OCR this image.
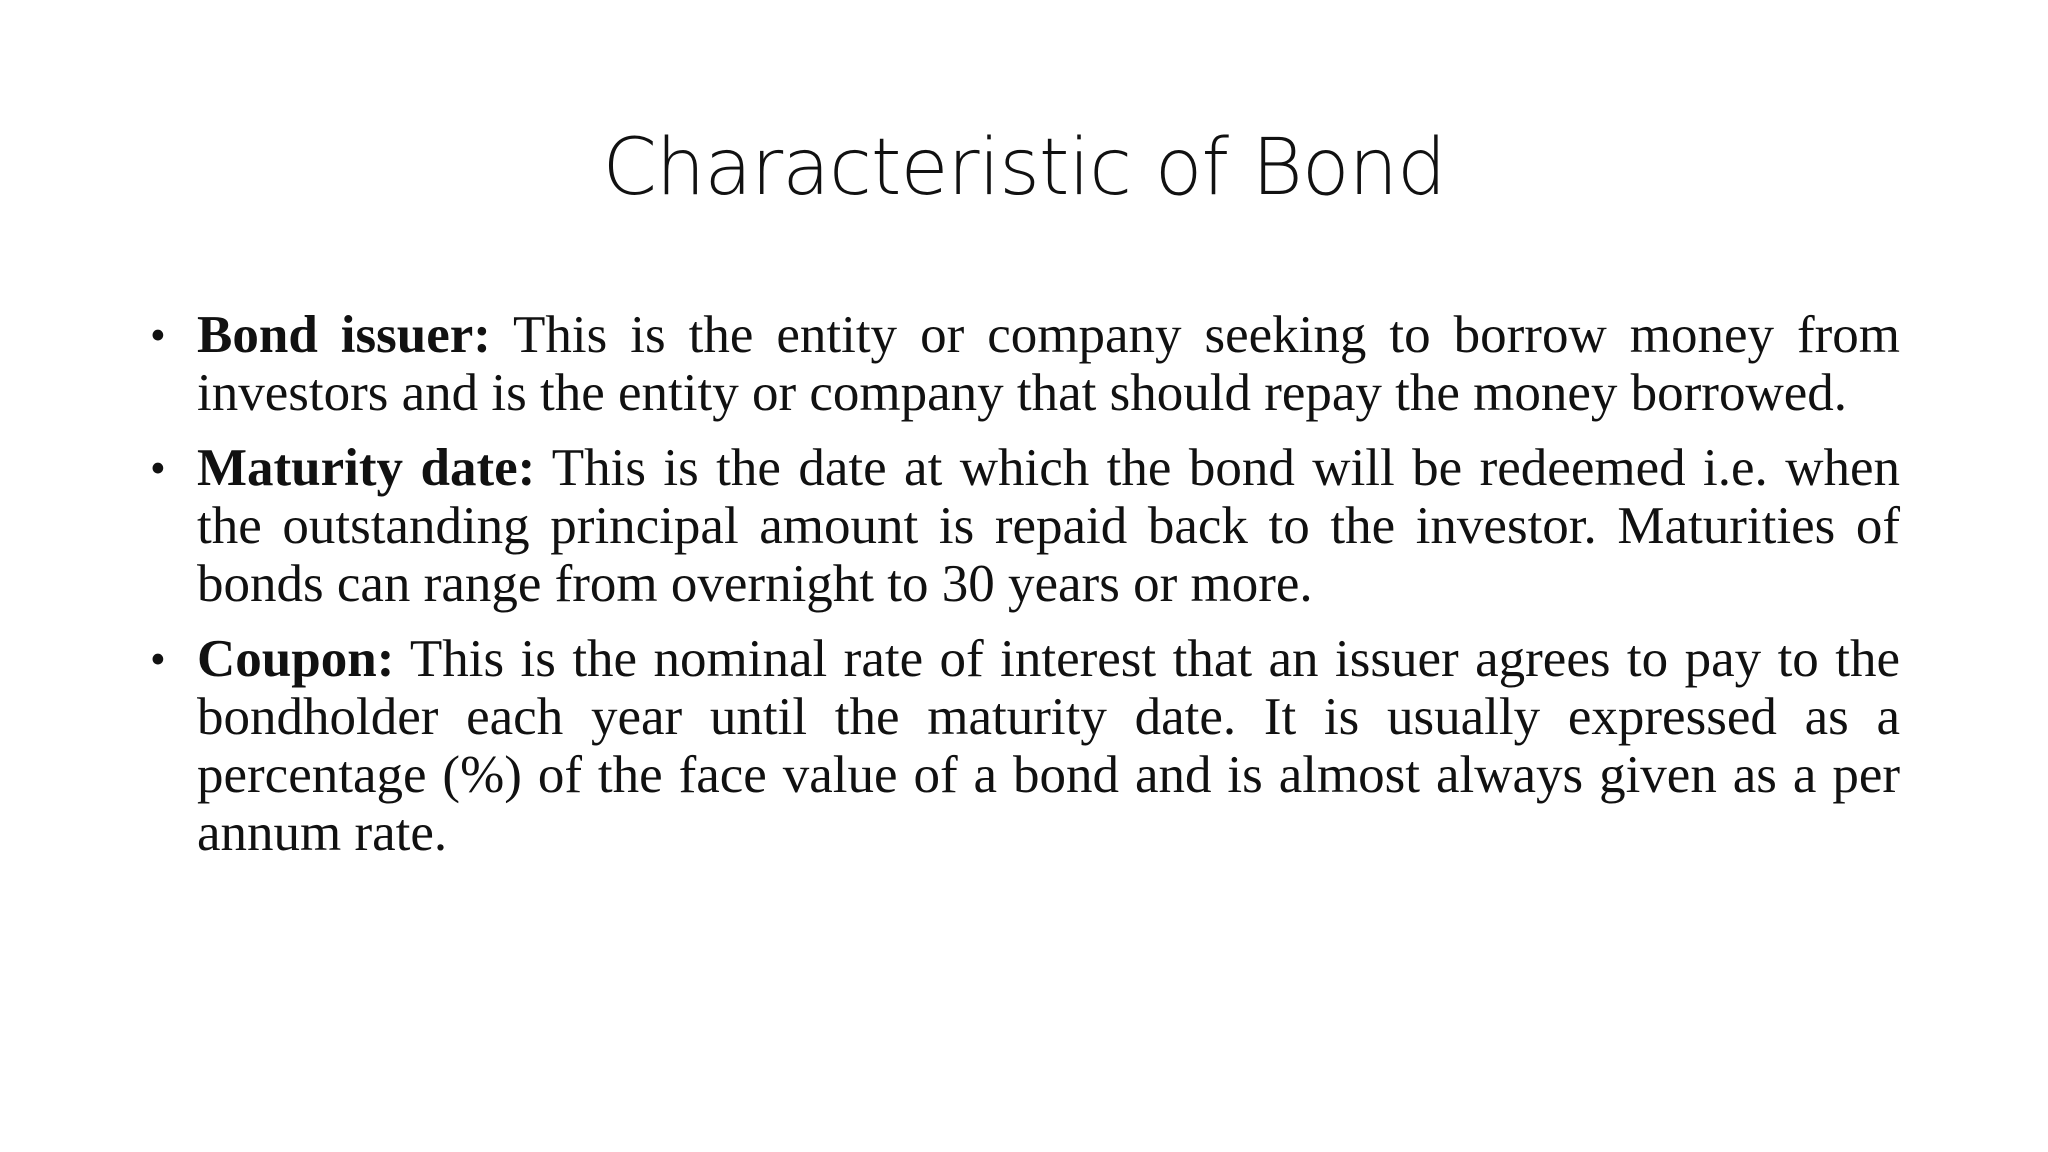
Characteristic of Bond
• Bond issuer: This is the entity or company seeking to borrow money from investors and is the entity or company that should repay the money borrowed.
• Maturity date: This is the date at which the bond will be redeemed i.e. when the outstanding principal amount is repaid back to the investor. Maturities of bonds can range from overnight to 30 years or more.
• Coupon: This is the nominal rate of interest that an issuer agrees to pay to the bondholder each year until the maturity date. It is usually expressed as a percentage (%) of the face value of a bond and is almost always given as a per annum rate.
